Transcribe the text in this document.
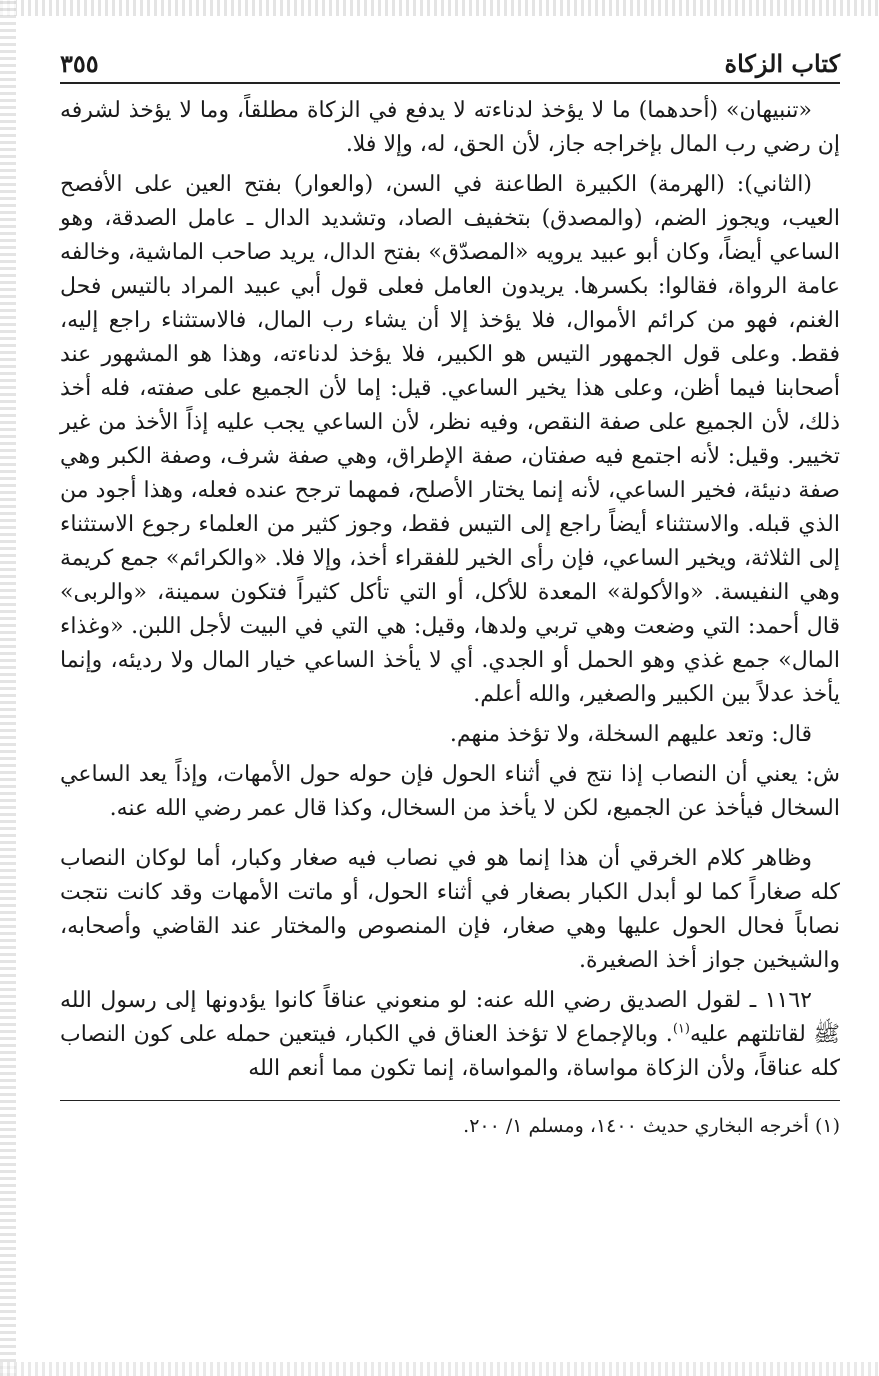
كتاب الزكاة
٣٥٥

«تنبيهان» (أحدهما) ما لا يؤخذ لدناءته لا يدفع في الزكاة مطلقاً، وما لا يؤخذ لشرفه إن رضي رب المال بإخراجه جاز، لأن الحق، له، وإلا فلا.

(الثاني): (الهرمة) الكبيرة الطاعنة في السن، (والعوار) بفتح العين على الأفصح العيب، ويجوز الضم، (والمصدق) بتخفيف الصاد، وتشديد الدال ـ عامل الصدقة، وهو الساعي أيضاً، وكان أبو عبيد يرويه «المصدّق» بفتح الدال، يريد صاحب الماشية، وخالفه عامة الرواة، فقالوا: بكسرها. يريدون العامل فعلى قول أبي عبيد المراد بالتيس فحل الغنم، فهو من كرائم الأموال، فلا يؤخذ إلا أن يشاء رب المال، فالاستثناء راجع إليه، فقط. وعلى قول الجمهور التيس هو الكبير، فلا يؤخذ لدناءته، وهذا هو المشهور عند أصحابنا فيما أظن، وعلى هذا يخير الساعي. قيل: إما لأن الجميع على صفته، فله أخذ ذلك، لأن الجميع على صفة النقص، وفيه نظر، لأن الساعي يجب عليه إذاً الأخذ من غير تخيير. وقيل: لأنه اجتمع فيه صفتان، صفة الإطراق، وهي صفة شرف، وصفة الكبر وهي صفة دنيئة، فخير الساعي، لأنه إنما يختار الأصلح، فمهما ترجح عنده فعله، وهذا أجود من الذي قبله. والاستثناء أيضاً راجع إلى التيس فقط، وجوز كثير من العلماء رجوع الاستثناء إلى الثلاثة، ويخير الساعي، فإن رأى الخير للفقراء أخذ، وإلا فلا. «والكرائم» جمع كريمة وهي النفيسة. «والأكولة» المعدة للأكل، أو التي تأكل كثيراً فتكون سمينة، «والربى» قال أحمد: التي وضعت وهي تربي ولدها، وقيل: هي التي في البيت لأجل اللبن. «وغذاء المال» جمع غذي وهو الحمل أو الجدي. أي لا يأخذ الساعي خيار المال ولا رديئه، وإنما يأخذ عدلاً بين الكبير والصغير، والله أعلم.

قال: وتعد عليهم السخلة، ولا تؤخذ منهم.

ش: يعني أن النصاب إذا نتج في أثناء الحول فإن حوله حول الأمهات، وإذاً يعد الساعي السخال فيأخذ عن الجميع، لكن لا يأخذ من السخال، وكذا قال عمر رضي الله عنه.

وظاهر كلام الخرقي أن هذا إنما هو في نصاب فيه صغار وكبار، أما لوكان النصاب كله صغاراً كما لو أبدل الكبار بصغار في أثناء الحول، أو ماتت الأمهات وقد كانت نتجت نصاباً فحال الحول عليها وهي صغار، فإن المنصوص والمختار عند القاضي وأصحابه، والشيخين جواز أخذ الصغيرة.

١١٦٢ ـ لقول الصديق رضي الله عنه: لو منعوني عناقاً كانوا يؤدونها إلى رسول الله ﷺ لقاتلتهم عليه$^{(١)}$. وبالإجماع لا تؤخذ العناق في الكبار، فيتعين حمله على كون النصاب كله عناقاً، ولأن الزكاة مواساة، والمواساة، إنما تكون مما أنعم الله

(١) أخرجه البخاري حديث ١٤٠٠، ومسلم ١/ ٢٠٠.
